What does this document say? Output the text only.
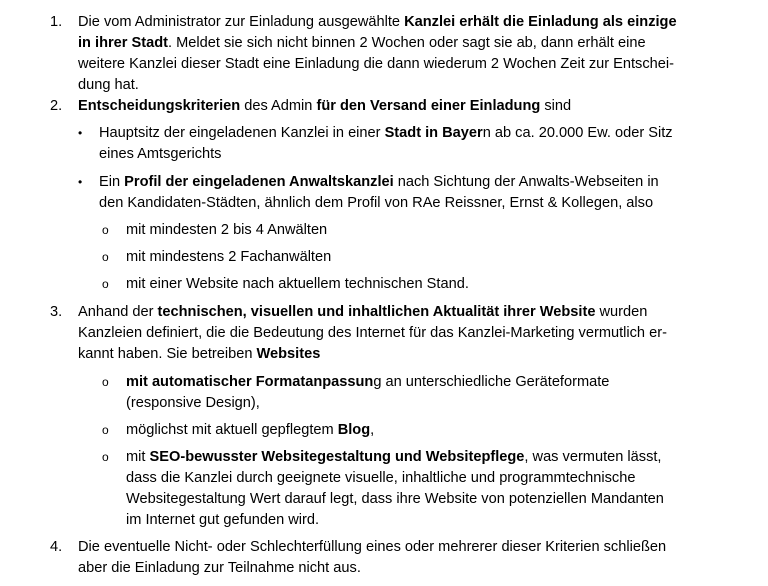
1. Die vom Administrator zur Einladung ausgewählte Kanzlei erhält die Einladung als einzige
in ihrer Stadt. Meldet sie sich nicht binnen 2 Wochen oder sagt sie ab, dann erhält eine
weitere Kanzlei dieser Stadt eine Einladung die dann wiederum 2 Wochen Zeit zur Entschei-
dung hat.
2. Entscheidungskriterien des Admin für den Versand einer Einladung sind
• Hauptsitz der eingeladenen Kanzlei in einer Stadt in Bayern ab ca. 20.000 Ew. oder Sitz
eines Amtsgerichts
• Ein Profil der eingeladenen Anwaltskanzlei nach Sichtung der Anwalts-Webseiten in
den Kandidaten-Städten, ähnlich dem Profil von RAe Reissner, Ernst & Kollegen, also
o mit mindesten 2 bis 4 Anwälten
o mit mindestens 2 Fachanwälten
o mit einer Website nach aktuellem technischen Stand.
3. Anhand der technischen, visuellen und inhaltlichen Aktualität ihrer Website wurden
Kanzleien definiert, die die Bedeutung des Internet für das Kanzlei-Marketing vermutlich er-
kannt haben. Sie betreiben Websites
o mit automatischer Formatanpassung an unterschiedliche Geräteformate
(responsive Design),
o möglichst mit aktuell gepflegtem Blog,
o mit SEO-bewusster Websitegestaltung und Websitepflege, was vermuten lässt,
dass die Kanzlei durch geeignete visuelle, inhaltliche und programmtechnische
Websitegestaltung Wert darauf legt, dass ihre Website von potenziellen Mandanten
im Internet gut gefunden wird.
4. Die eventuelle Nicht- oder Schlechterfüllung eines oder mehrerer dieser Kriterien schließen
aber die Einladung zur Teilnahme nicht aus.
